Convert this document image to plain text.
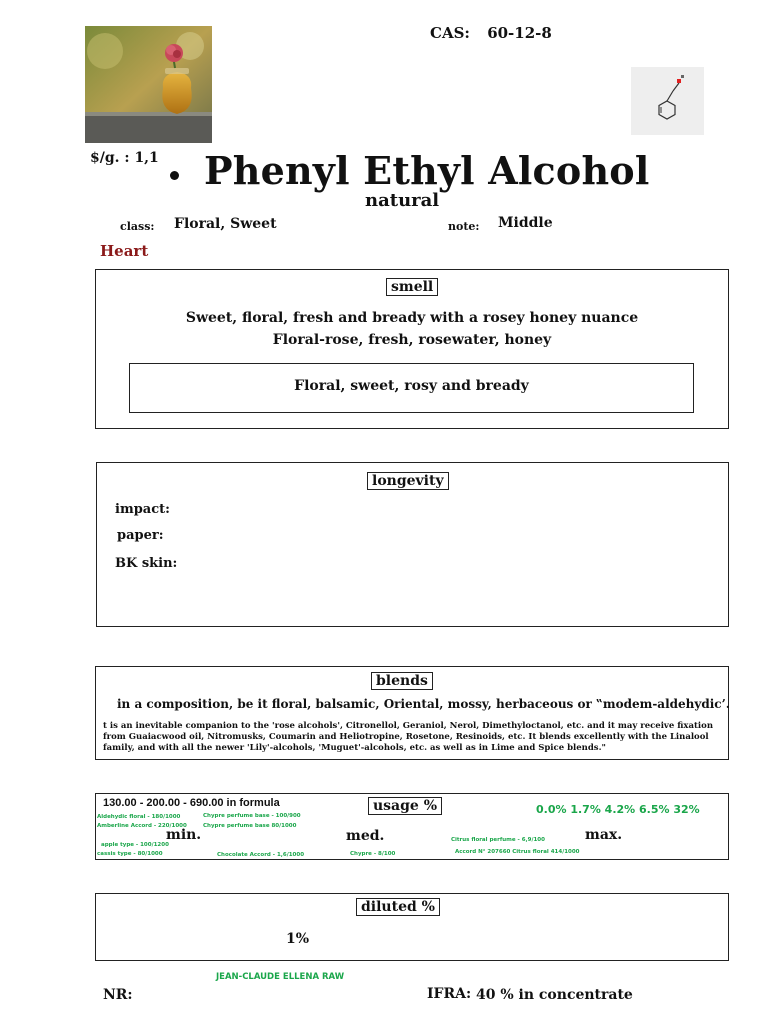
CAS: 60-12-8
$/g. : 1,1 Phenyl Ethyl Alcohol
natural
class: Floral, Sweet	note: Middle
Heart
smell
Sweet, floral, fresh and bready with a rosey honey nuance
Floral-rose, fresh, rosewater, honey
Floral, sweet, rosy and bready
longevity
impact:
paper:
BK skin:
blends
in a composition, be it floral, balsamic, Oriental, mossy, herbaceous or ‟modem-aldehydic’.
t is an inevitable companion to the 'rose alcohols', Citronellol, Geraniol, Nerol, Dimethyloctanol, etc. and it may receive fixation from Guaiacwood oil, Nitromusks, Coumarin and Heliotropine, Rosetone, Resinoids, etc. It blends excellently with the Linalool family, and with all the newer 'Lily'-alcohols, 'Muguet'-alcohols, etc. as well as in Lime and Spice blends."
130.00 - 200.00 - 690.00 in formula	usage %	0.0% 1.7% 4.2% 6.5% 32%
min.	med.	max.
Aldehydic floral - 180/1000	Chypre perfume base - 100/900
Amberline Accord - 220/1000	Chypre perfume base 80/1000
apple type - 100/1200
cassis type - 80/1000	Chocolate Accord - 1,6/1000	Chypre - 8/100
Citrus floral perfume - 6,9/100
Accord N° 207660 Citrus floral 414/1000
diluted %
1%
JEAN-CLAUDE ELLENA RAW
NR:	IFRA: 40 % in concentrate
